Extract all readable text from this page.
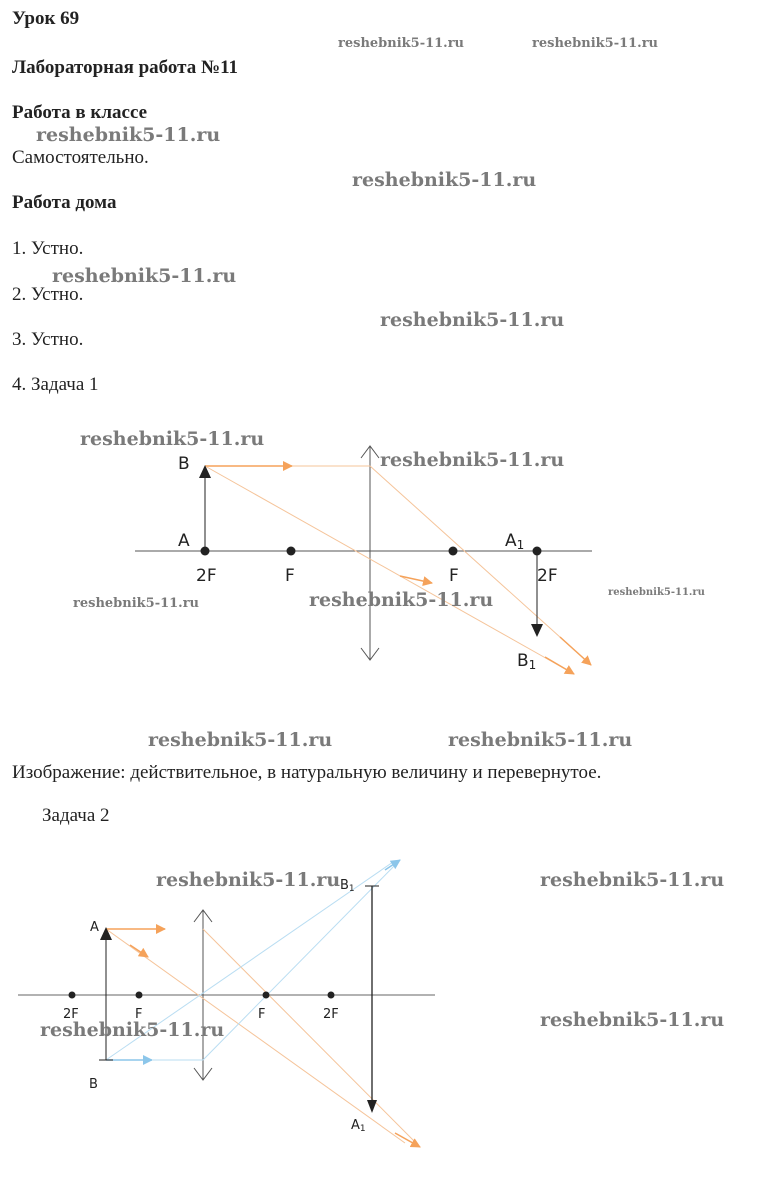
Урок 69
Лабораторная работа №11
Работа в классе
Самостоятельно.
Работа дома
1. Устно.
2. Устно.
3. Устно.
4. Задача 1
Изображение: действительное, в натуральную величину и перевернутое.
Задача 2
B
A	A1
2F	F	F	2F
B1
A
B
2F	F	F	2F
B1
A1
reshebnik5-11.ru	reshebnik5-11.ru
reshebnik5-11.ru
reshebnik5-11.ru
reshebnik5-11.ru
reshebnik5-11.ru
reshebnik5-11.ru
reshebnik5-11.ru
reshebnik5-11.ru	reshebnik5-11.ru	reshebnik5-11.ru
reshebnik5-11.ru	reshebnik5-11.ru
reshebnik5-11.ru	reshebnik5-11.ru
reshebnik5-11.ru	reshebnik5-11.ru
